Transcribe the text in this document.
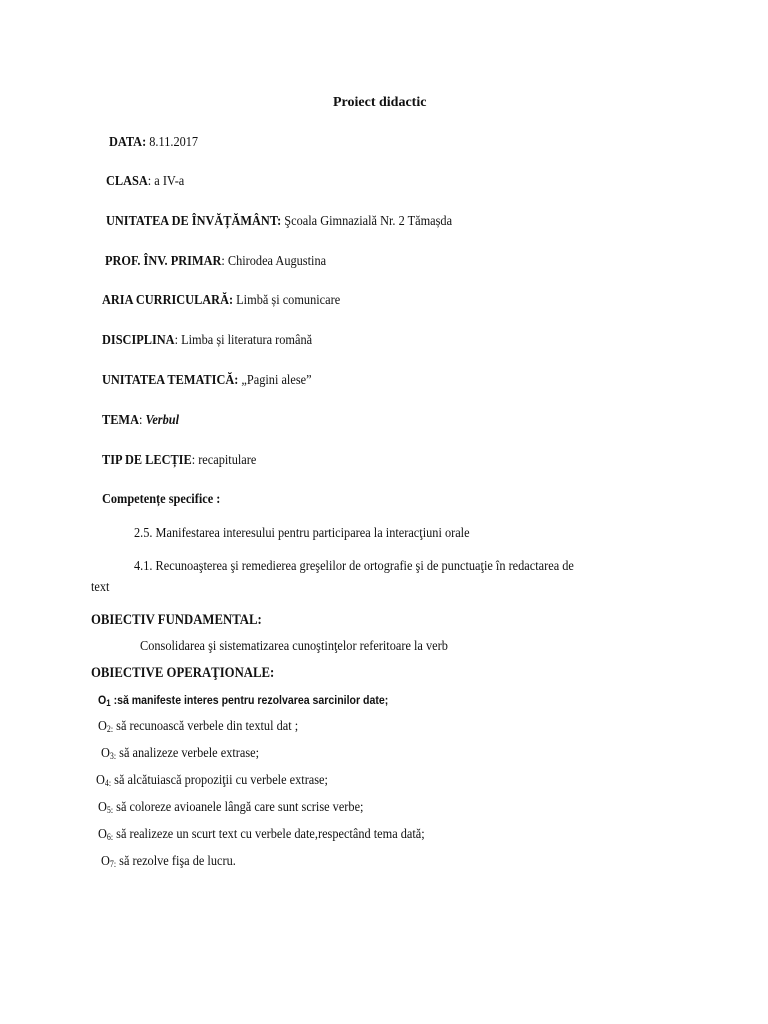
Proiect didactic
DATA: 8.11.2017
CLASA: a IV-a
UNITATEA DE ÎNVĂȚĂMÂNT: Şcoala Gimnazială Nr. 2 Tămașda
PROF. ÎNV. PRIMAR: Chirodea Augustina
ARIA CURRICULARĂ: Limbă și comunicare
DISCIPLINA: Limba și literatura română
UNITATEA TEMATICĂ: „Pagini alese”
TEMA: Verbul
TIP DE LECȚIE: recapitulare
Competențe specifice :
2.5. Manifestarea interesului pentru participarea la interacţiuni orale
4.1. Recunoaşterea şi remedierea greşelilor de ortografie şi de punctuaţie în redactarea de
text
OBIECTIV FUNDAMENTAL:
Consolidarea şi sistematizarea cunoştinţelor referitoare la verb
OBIECTIVE OPERAŢIONALE:
$O_1$ :să manifeste interes pentru rezolvarea sarcinilor date;
$O_{2:}$ să recunoască verbele din textul dat ;
$O_{3:}$ să analizeze verbele extrase;
$O_{4:}$ să alcătuiască propoziţii cu verbele extrase;
$O_{5:}$ să coloreze avioanele lângă care sunt scrise verbe;
$O_{6:}$ să realizeze un scurt text cu verbele date,respectând tema dată;
$O_{7:}$ să rezolve fişa de lucru.
